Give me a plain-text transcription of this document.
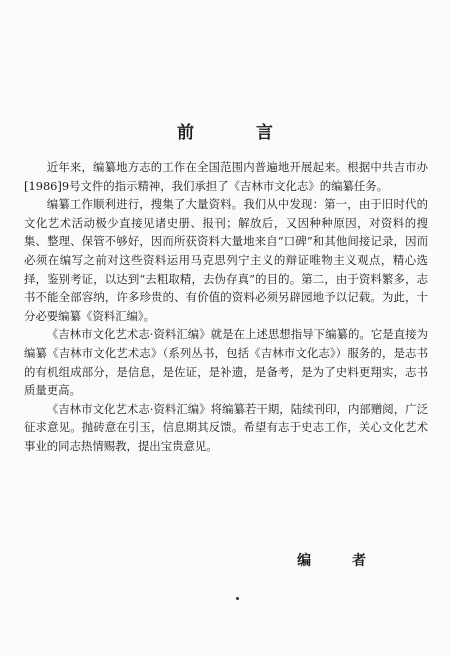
前 言

近年来，编纂地方志的工作在全国范围内普遍地开展起来。根据中共吉市办[1986]9号文件的指示精神，我们承担了《吉林市文化志》的编纂任务。

编纂工作顺利进行，搜集了大量资料。我们从中发现：第一，由于旧时代的文化艺术活动极少直接见诸史册、报刊；解放后，又因种种原因，对资料的搜集、整理、保管不够好，因而所获资料大量地来自“口碑”和其他间接记录，因而必须在编写之前对这些资料运用马克思列宁主义的辩证唯物主义观点，精心选择，鉴别考证，以达到“去粗取精，去伪存真”的目的。第二，由于资料繁多，志书不能全部容纳，许多珍贵的、有价值的资料必须另辟园地予以记载。为此，十分必要编纂《资料汇编》。

《吉林市文化艺术志·资料汇编》就是在上述思想指导下编纂的。它是直接为编纂《吉林市文化艺术志》（系列丛书，包括《吉林市文化志》）服务的，是志书的有机组成部分，是信息，是佐证，是补遗，是备考，是为了史料更翔实，志书质量更高。

《吉林市文化艺术志·资料汇编》将编纂若干期，陆续刊印，内部赠阅，广泛征求意见。抛砖意在引玉，信息期其反馈。希望有志于史志工作，关心文化艺术事业的同志热情赐教，提出宝贵意见。

编 者
